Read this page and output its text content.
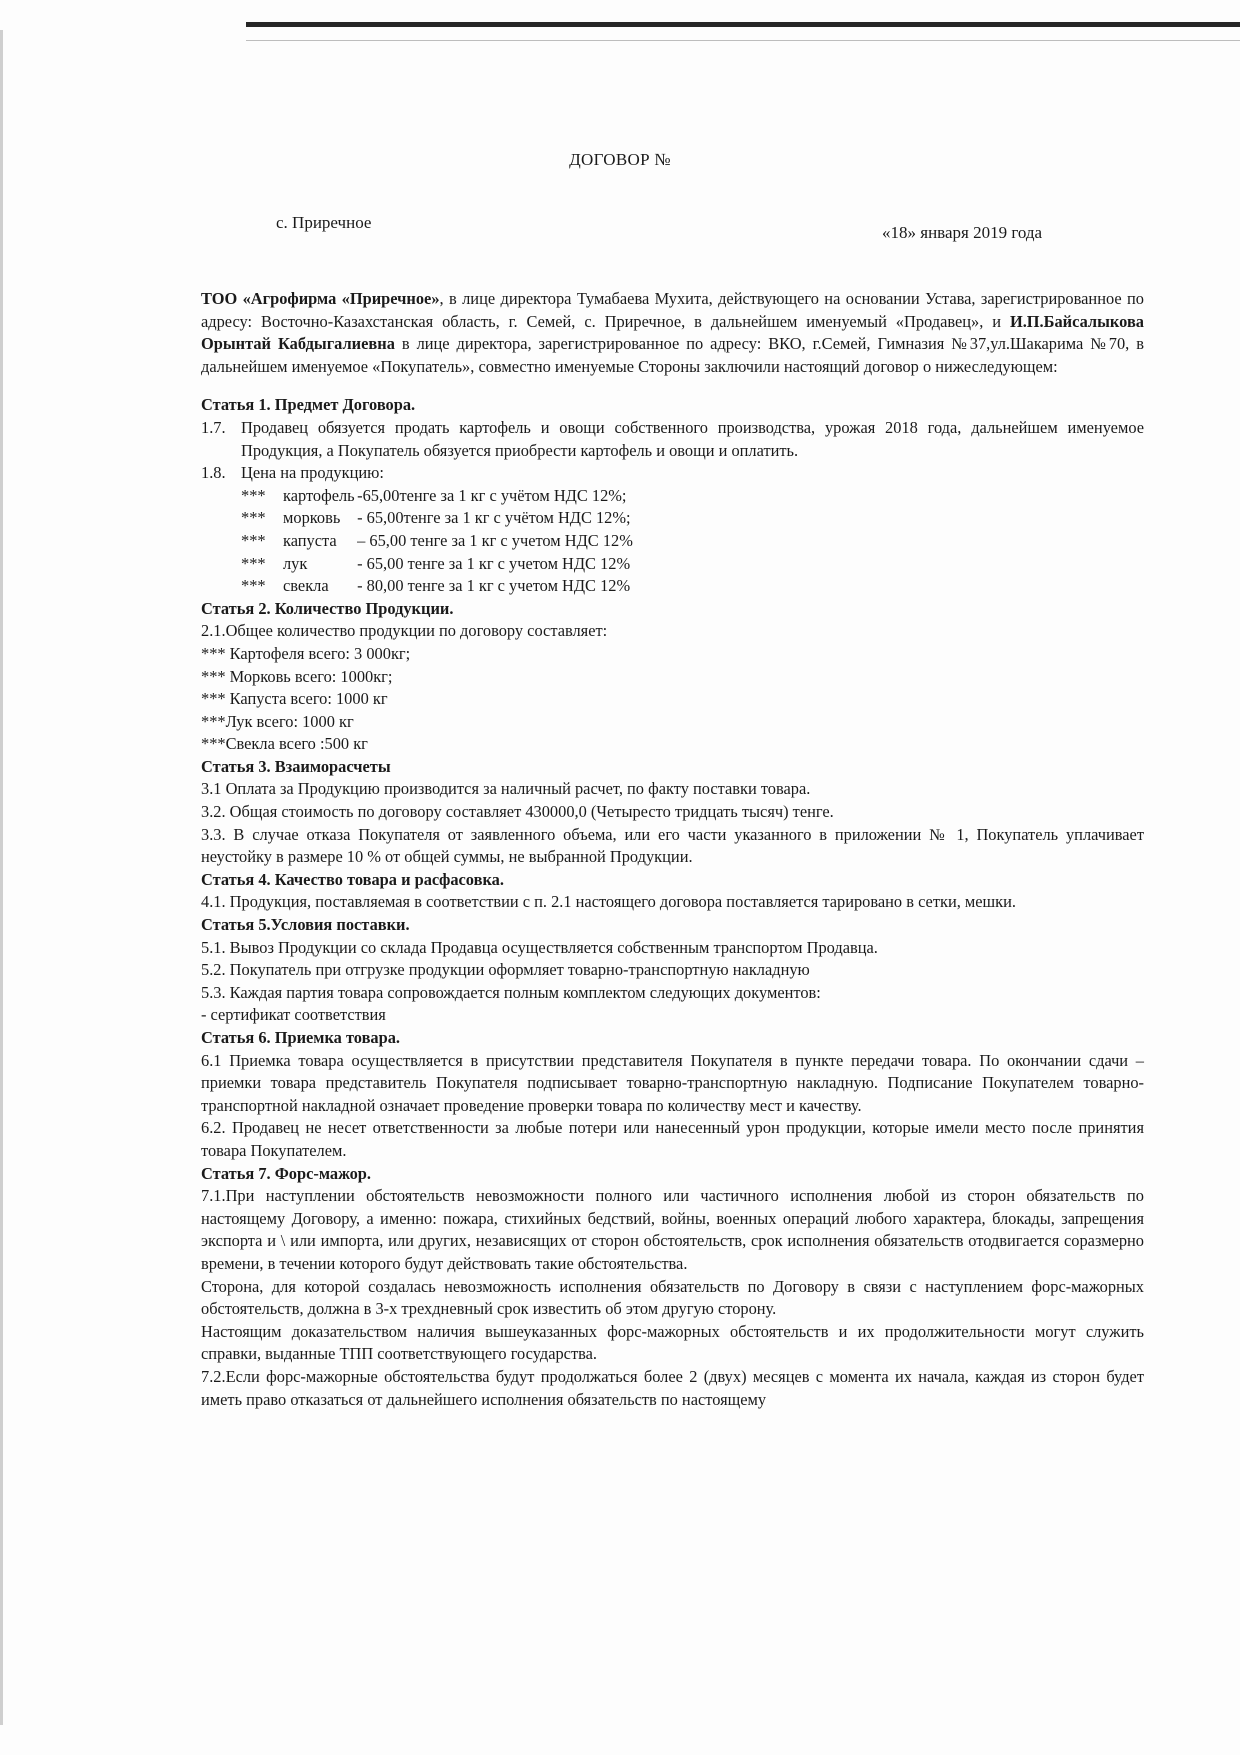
ДОГОВОР №
с. Приречное
«18» января 2019 года

ТОО «Агрофирма «Приречное», в лице директора Тумабаева Мухита, действующего на основании Устава, зарегистрированное по адресу: Восточно-Казахстанская область, г. Семей, с. Приречное, в дальнейшем именуемый «Продавец», и И.П.Байсалыкова Орынтай Кабдыгалиевна в лице директора, зарегистрированное по адресу: ВКО, г.Семей, Гимназия №37,ул.Шакарима №70, в дальнейшем именуемое «Покупатель», совместно именуемые Стороны заключили настоящий договор о нижеследующем:

Статья 1. Предмет Договора.

1.7. Продавец обязуется продать картофель и овощи собственного производства, урожая 2018 года, дальнейшем именуемое Продукция, а Покупатель обязуется приобрести картофель и овощи и оплатить.
1.8. Цена на продукцию:
*** картофель -65,00тенге за 1 кг с учётом НДС 12%;
*** морковь - 65,00тенге за 1 кг с учётом НДС 12%;
*** капуста – 65,00 тенге за 1 кг с учетом НДС 12%
*** лук	- 65,00 тенге за 1 кг с учетом НДС 12%
*** свекла - 80,00 тенге за 1 кг с учетом НДС 12%

Статья 2. Количество Продукции.

2.1.Общее количество продукции по договору составляет:

*** Картофеля всего: 3 000кг;

*** Морковь всего: 1000кг;

*** Капуста всего: 1000 кг

***Лук всего: 1000 кг

***Свекла всего :500 кг

Статья 3. Взаиморасчеты

3.1 Оплата за Продукцию производится за наличный расчет, по факту поставки товара.

3.2. Общая стоимость по договору составляет 430000,0 (Четыресто тридцать тысяч) тенге.

3.3. В случае отказа Покупателя от заявленного объема, или его части указанного в приложении № 1, Покупатель уплачивает неустойку в размере 10 % от общей суммы, не выбранной Продукции.

Статья 4. Качество товара и расфасовка.

4.1. Продукция, поставляемая в соответствии с п. 2.1 настоящего договора поставляется тарировано в сетки, мешки.

Статья 5.Условия поставки.

5.1. Вывоз Продукции со склада Продавца осуществляется собственным транспортом Продавца.

5.2. Покупатель при отгрузке продукции оформляет товарно-транспортную накладную

5.3. Каждая партия товара сопровождается полным комплектом следующих документов:

- сертификат соответствия

Статья 6. Приемка товара.

6.1 Приемка товара осуществляется в присутствии представителя Покупателя в пункте передачи товара. По окончании сдачи – приемки товара представитель Покупателя подписывает товарно-транспортную накладную. Подписание Покупателем товарно-транспортной накладной означает проведение проверки товара по количеству мест и качеству.

6.2. Продавец не несет ответственности за любые потери или нанесенный урон продукции, которые имели место после принятия товара Покупателем.

Статья 7. Форс-мажор.

7.1.При наступлении обстоятельств невозможности полного или частичного исполнения любой из сторон обязательств по настоящему Договору, а именно: пожара, стихийных бедствий, войны, военных операций любого характера, блокады, запрещения экспорта и \ или импорта, или других, независящих от сторон обстоятельств, срок исполнения обязательств отодвигается соразмерно времени, в течении которого будут действовать такие обстоятельства.

Сторона, для которой создалась невозможность исполнения обязательств по Договору в связи с наступлением форс-мажорных обстоятельств, должна в 3-х трехдневный срок известить об этом другую сторону.

Настоящим доказательством наличия вышеуказанных форс-мажорных обстоятельств и их продолжительности могут служить справки, выданные ТПП соответствующего государства.

7.2.Если форс-мажорные обстоятельства будут продолжаться более 2 (двух) месяцев с момента их начала, каждая из сторон будет иметь право отказаться от дальнейшего исполнения обязательств по настоящему
